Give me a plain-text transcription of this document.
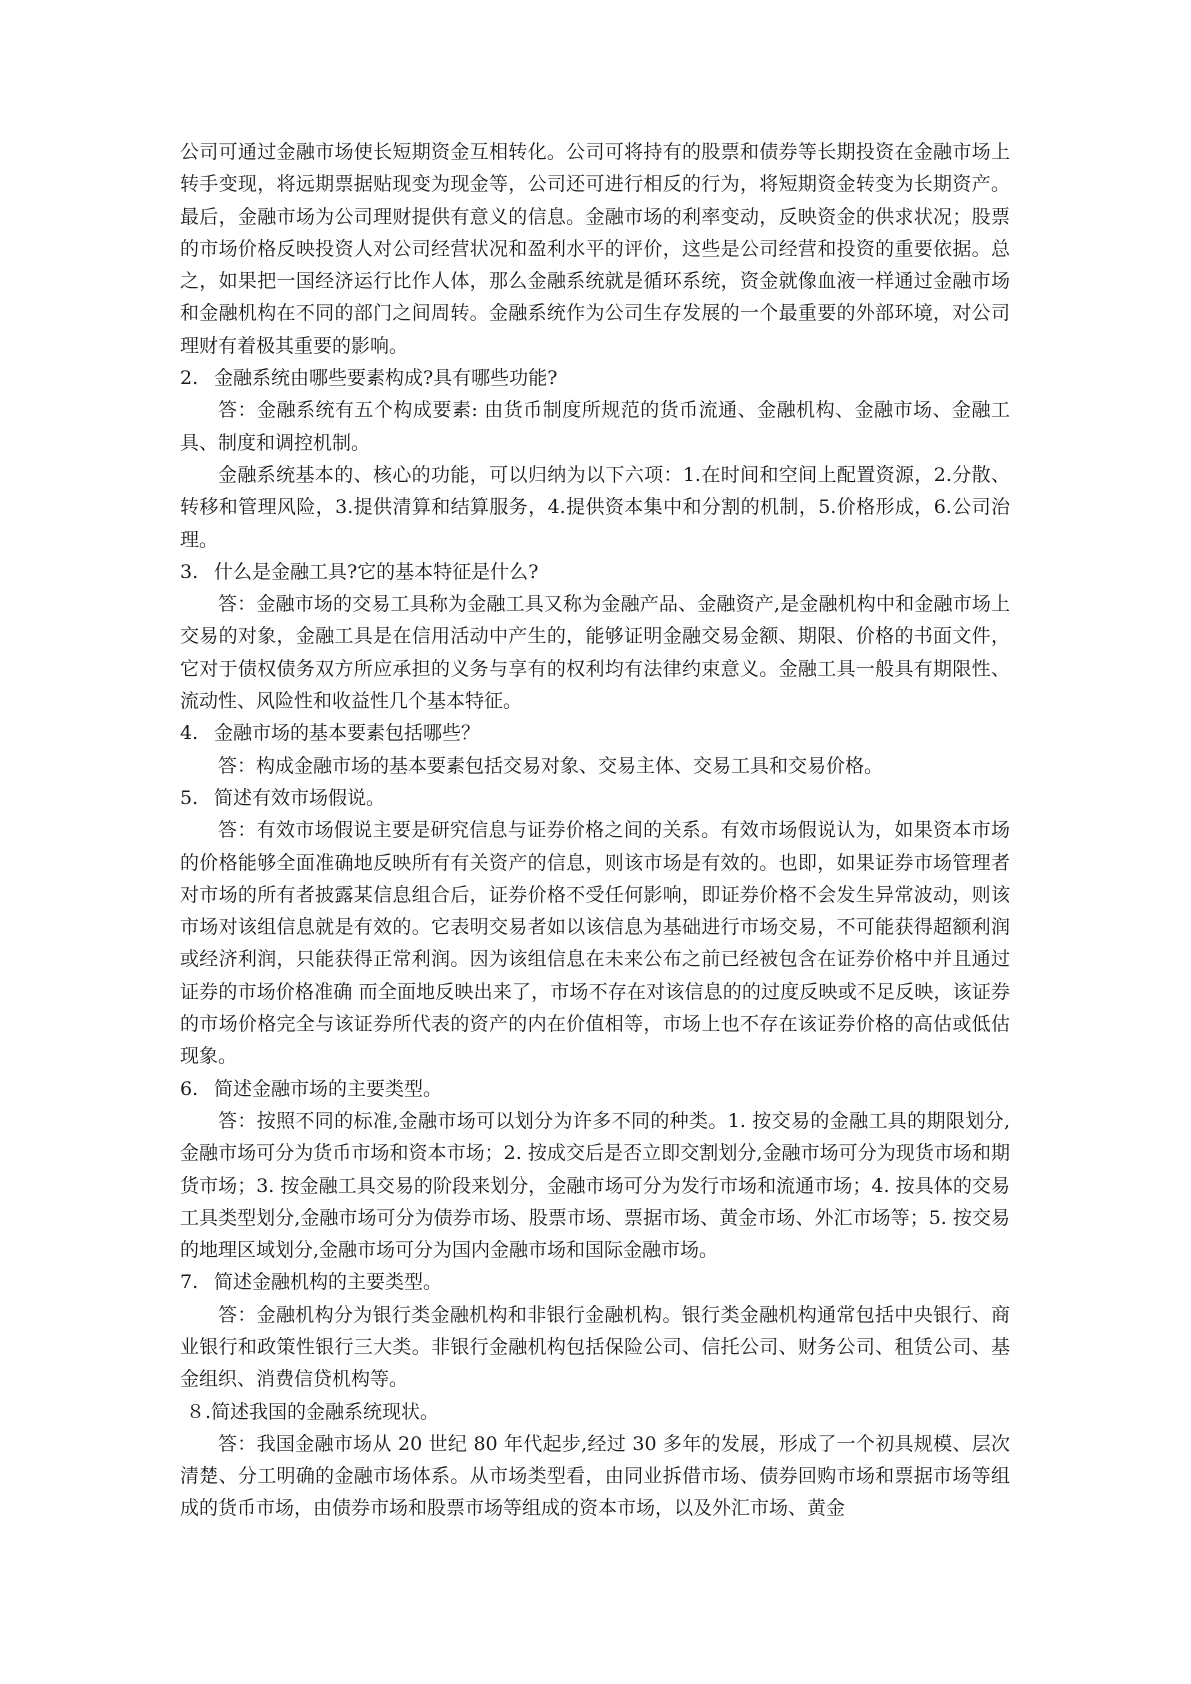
公司可通过金融市场使长短期资金互相转化。公司可将持有的股票和债券等长期投资在金融市场上转手变现，将远期票据贴现变为现金等，公司还可进行相反的行为，将短期资金转变为长期资产。最后，金融市场为公司理财提供有意义的信息。金融市场的利率变动，反映资金的供求状况；股票的市场价格反映投资人对公司经营状况和盈利水平的评价，这些是公司经营和投资的重要依据。总之，如果把一国经济运行比作人体，那么金融系统就是循环系统，资金就像血液一样通过金融市场和金融机构在不同的部门之间周转。金融系统作为公司生存发展的一个最重要的外部环境，对公司理财有着极其重要的影响。

2. 金融系统由哪些要素构成?具有哪些功能?

答：金融系统有五个构成要素: 由货币制度所规范的货币流通、金融机构、金融市场、金融工具、制度和调控机制。

金融系统基本的、核心的功能，可以归纳为以下六项：1.在时间和空间上配置资源，2.分散、转移和管理风险，3.提供清算和结算服务，4.提供资本集中和分割的机制，5.价格形成，6.公司治理。

3. 什么是金融工具?它的基本特征是什么?

答：金融市场的交易工具称为金融工具又称为金融产品、金融资产,是金融机构中和金融市场上交易的对象，金融工具是在信用活动中产生的，能够证明金融交易金额、期限、价格的书面文件，它对于债权债务双方所应承担的义务与享有的权利均有法律约束意义。金融工具一般具有期限性、流动性、风险性和收益性几个基本特征。

4. 金融市场的基本要素包括哪些？

答：构成金融市场的基本要素包括交易对象、交易主体、交易工具和交易价格。

5. 简述有效市场假说。

答：有效市场假说主要是研究信息与证券价格之间的关系。有效市场假说认为，如果资本市场的价格能够全面准确地反映所有有关资产的信息，则该市场是有效的。也即，如果证券市场管理者对市场的所有者披露某信息组合后，证券价格不受任何影响，即证券价格不会发生异常波动，则该市场对该组信息就是有效的。它表明交易者如以该信息为基础进行市场交易，不可能获得超额利润或经济利润，只能获得正常利润。因为该组信息在未来公布之前已经被包含在证券价格中并且通过证券的市场价格准确 而全面地反映出来了，市场不存在对该信息的的过度反映或不足反映，该证券的市场价格完全与该证券所代表的资产的内在价值相等，市场上也不存在该证券价格的高估或低估现象。

6. 简述金融市场的主要类型。

答：按照不同的标准,金融市场可以划分为许多不同的种类。1. 按交易的金融工具的期限划分,金融市场可分为货币市场和资本市场；2. 按成交后是否立即交割划分,金融市场可分为现货市场和期货市场；3. 按金融工具交易的阶段来划分，金融市场可分为发行市场和流通市场；4. 按具体的交易工具类型划分,金融市场可分为债券市场、股票市场、票据市场、黄金市场、外汇市场等；5. 按交易的地理区域划分,金融市场可分为国内金融市场和国际金融市场。

7. 简述金融机构的主要类型。

答：金融机构分为银行类金融机构和非银行金融机构。银行类金融机构通常包括中央银行、商业银行和政策性银行三大类。非银行金融机构包括保险公司、信托公司、财务公司、租赁公司、基金组织、消费信贷机构等。

８.简述我国的金融系统现状。

答：我国金融市场从 20 世纪 80 年代起步,经过 30 多年的发展，形成了一个初具规模、层次清楚、分工明确的金融市场体系。从市场类型看，由同业拆借市场、债券回购市场和票据市场等组成的货币市场，由债券市场和股票市场等组成的资本市场，以及外汇市场、黄金
